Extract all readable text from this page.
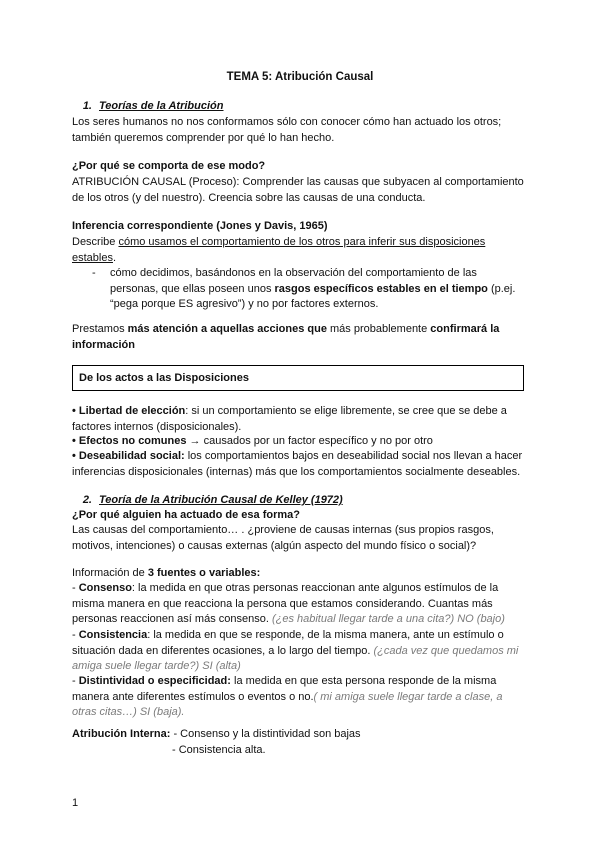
TEMA 5: Atribución Causal
1. Teorías de la Atribución
Los seres humanos no nos conformamos sólo con conocer cómo han actuado los otros; también queremos comprender por qué lo han hecho.
¿Por qué se comporta de ese modo?
ATRIBUCIÓN CAUSAL (Proceso): Comprender las causas que subyacen al comportamiento de los otros (y del nuestro). Creencia sobre las causas de una conducta.
Inferencia correspondiente (Jones y Davis, 1965)
Describe cómo usamos el comportamiento de los otros para inferir sus disposiciones estables.
- cómo decidimos, basándonos en la observación del comportamiento de las personas, que ellas poseen unos rasgos específicos estables en el tiempo (p.ej. “pega porque ES agresivo”) y no por factores externos.
Prestamos más atención a aquellas acciones que más probablemente confirmará la información
De los actos a las Disposiciones
• Libertad de elección: si un comportamiento se elige libremente, se cree que se debe a factores internos (disposicionales).
• Efectos no comunes → causados por un factor específico y no por otro
• Deseabilidad social: los comportamientos bajos en deseabilidad social nos llevan a hacer inferencias disposicionales (internas) más que los comportamientos socialmente deseables.
2. Teoría de la Atribución Causal de Kelley (1972)
¿Por qué alguien ha actuado de esa forma?
Las causas del comportamiento… . ¿proviene de causas internas (sus propios rasgos, motivos, intenciones) o causas externas (algún aspecto del mundo físico o social)?
Información de 3 fuentes o variables:
- Consenso: la medida en que otras personas reaccionan ante algunos estímulos de la misma manera en que reacciona la persona que estamos considerando. Cuantas más personas reaccionen así más consenso. (¿es habitual llegar tarde a una cita?) NO (bajo)
- Consistencia: la medida en que se responde, de la misma manera, ante un estímulo o situación dada en diferentes ocasiones, a lo largo del tiempo. (¿cada vez que quedamos mi amiga suele llegar tarde?) SI (alta)
- Distintividad o especificidad: la medida en que esta persona responde de la misma manera ante diferentes estímulos o eventos o no.( mi amiga suele llegar tarde a clase, a otras citas…) SI (baja).
Atribución Interna: - Consenso y la distintividad son bajas
- Consistencia alta.
1
